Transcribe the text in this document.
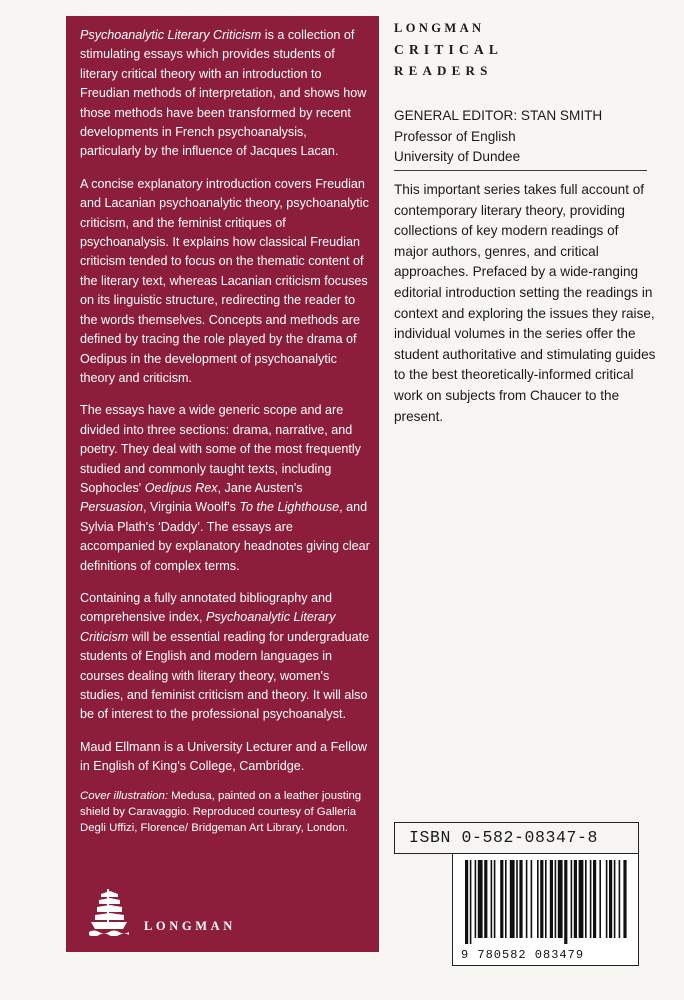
Psychoanalytic Literary Criticism is a collection of stimulating essays which provides students of literary critical theory with an introduction to Freudian methods of interpretation, and shows how those methods have been transformed by recent developments in French psychoanalysis, particularly by the influence of Jacques Lacan.

A concise explanatory introduction covers Freudian and Lacanian psychoanalytic theory, psychoanalytic criticism, and the feminist critiques of psychoanalysis. It explains how classical Freudian criticism tended to focus on the thematic content of the literary text, whereas Lacanian criticism focuses on its linguistic structure, redirecting the reader to the words themselves. Concepts and methods are defined by tracing the role played by the drama of Oedipus in the development of psychoanalytic theory and criticism.

The essays have a wide generic scope and are divided into three sections: drama, narrative, and poetry. They deal with some of the most frequently studied and commonly taught texts, including Sophocles' Oedipus Rex, Jane Austen's Persuasion, Virginia Woolf's To the Lighthouse, and Sylvia Plath's ‘Daddy’. The essays are accompanied by explanatory headnotes giving clear definitions of complex terms.

Containing a fully annotated bibliography and comprehensive index, Psychoanalytic Literary Criticism will be essential reading for undergraduate students of English and modern languages in courses dealing with literary theory, women's studies, and feminist criticism and theory. It will also be of interest to the professional psychoanalyst.

Maud Ellmann is a University Lecturer and a Fellow in English of King's College, Cambridge.

Cover illustration: Medusa, painted on a leather jousting shield by Caravaggio. Reproduced courtesy of Galleria Degli Uffizi, Florence/ Bridgeman Art Library, London.

LONGMAN
LONGMAN
CRITICAL
READERS
GENERAL EDITOR: STAN SMITH
Professor of English
University of Dundee

This important series takes full account of contemporary literary theory, providing collections of key modern readings of major authors, genres, and critical approaches. Prefaced by a wide-ranging editorial introduction setting the readings in context and exploring the issues they raise, individual volumes in the series offer the student authoritative and stimulating guides to the best theoretically-informed critical work on subjects from Chaucer to the present.

ISBN 0-582-08347-8
9 780582 083479
